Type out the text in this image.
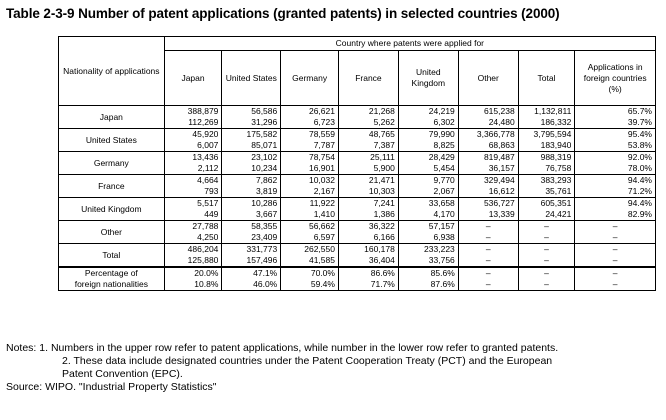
Table 2-3-9 Number of patent applications (granted patents) in selected countries (2000)
Nationality of applications	Country where patents were applied for							
	Japan	United States	Germany	France	United Kingdom	Other	Total	Applications in foreign countries (%)
Japan	388,879	56,586	26,621	21,268	24,219	615,238	1,132,811	65.7%
	112,269	31,296	6,723	5,262	6,302	24,480	186,332	39.7%
United States	45,920	175,582	78,559	48,765	79,990	3,366,778	3,795,594	95.4%
	6,007	85,071	7,787	7,387	8,825	68,863	183,940	53.8%
Germany	13,436	23,102	78,754	25,111	28,429	819,487	988,319	92.0%
	2,112	10,234	16,901	5,900	5,454	36,157	76,758	78.0%
France	4,664	7,862	10,032	21,471	9,770	329,494	383,293	94.4%
	793	3,819	2,167	10,303	2,067	16,612	35,761	71.2%
United Kingdom	5,517	10,286	11,922	7,241	33,658	536,727	605,351	94.4%
	449	3,667	1,410	1,386	4,170	13,339	24,421	82.9%
Other	27,788	58,355	56,662	36,322	57,157	–	–	–
	4,250	23,409	6,597	6,166	6,938	–	–	–
Total	486,204	331,773	262,550	160,178	233,223	–	–	–
	125,880	157,496	41,585	36,404	33,756	–	–	–
Percentage of	20.0%	47.1%	70.0%	86.6%	85.6%	–	–	–
foreign nationalities	10.8%	46.0%	59.4%	71.7%	87.6%	–	–	–
Notes: 1. Numbers in the upper row refer to patent applications, while number in the lower row refer to granted patents.
2. These data include designated countries under the Patent Cooperation Treaty (PCT) and the European
Patent Convention (EPC).
Source: WIPO. "Industrial Property Statistics"
